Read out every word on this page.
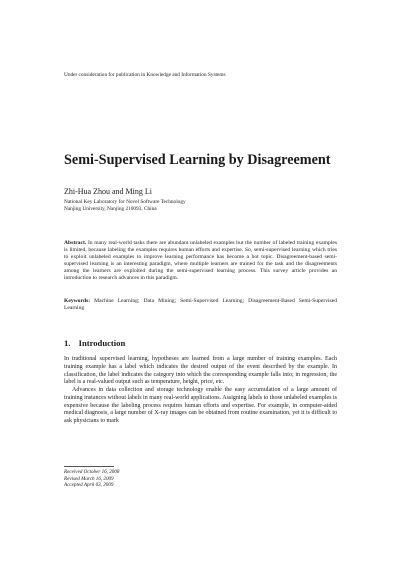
Under consideration for publication in Knowledge and Information Systems
Semi-Supervised Learning by Disagreement
Zhi-Hua Zhou and Ming Li
National Key Laboratory for Novel Software Technology
Nanjing University, Nanjing 210093, China
Abstract. In many real-world tasks there are abundant unlabeled examples but the number of labeled training examples is limited, because labeling the examples requires human efforts and expertise. So, semi-supervised learning which tries to exploit unlabeled examples to improve learning performance has become a hot topic. Disagreement-based semi-supervised learning is an interesting paradigm, where multiple learners are trained for the task and the disagreements among the learners are exploited during the semi-supervised learning process. This survey article provides an introduction to research advances in this paradigm.
Keywords: Machine Learning; Data Mining; Semi-Supervised Learning; Disagreement-Based Semi-Supervised Learning
1. Introduction

In traditional supervised learning, hypotheses are learned from a large number of training examples. Each training example has a label which indicates the desired output of the event described by the example. In classification, the label indicates the category into which the corresponding example falls into; in regression, the label is a real-valued output such as temperature, height, price, etc.

Advances in data collection and storage technology enable the easy accumulation of a large amount of training instances without labels in many real-world applications. Assigning labels to those unlabeled examples is expensive because the labeling process requires human efforts and expertise. For example, in computer-aided medical diagnosis, a large number of X-ray images can be obtained from routine examination, yet it is difficult to ask physicians to mark

Received October 16, 2008
Revised March 16, 2009
Accepted April 03, 2009
